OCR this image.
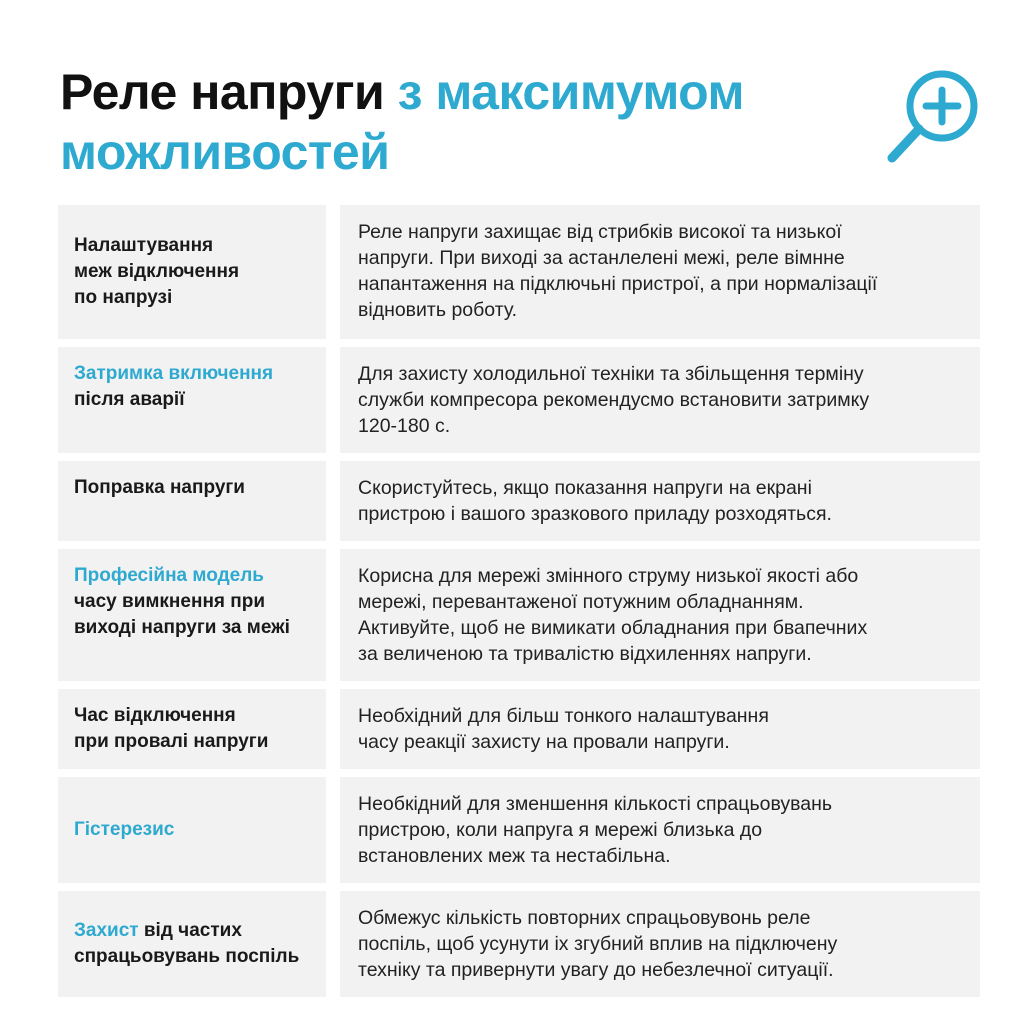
Реле напруги з максимумом
можливостей
Налаштування
меж відключення
по напрузі
Реле напруги захищає від стрибків високої та низької
напруги. При виході за астанлелені межі, реле вімнне
напантаження на підключьні пристрої, а при нормалізації
відновить роботу.
Затримка включення
після аварії
Для захисту холодильної техніки та збільщення терміну
служби компресора рекомендусмо встановити затримку
120-180 с.
Поправка напруги	Скористуйтесь, якщо показання напруги на екрані
пристрою і вашого зразкового приладу розходяться.
Професійна модель
часу вимкнення при
виході напруги за межі
Корисна для мережі змінного струму низької якості або
мережі, перевантаженої потужним обладнанням.
Активуйте, щоб не вимикати обладнания при бвапечних
за величеною та тривалістю відхиленнях напруги.
Час відключення
при провалі напруги
Необхідний для більш тонкого налаштування
часу реакції захисту на провали напруги.
Гістерезис
Необкідний для зменшення кількості спрацьовувань
пристрою, коли напруга я мережі близька до
встановлених меж та нестабільна.
Захист від частих
спрацьовувань поспіль
Обмежус кількість повторних спрацьовувонь реле
поспіль, щоб усунути іх згубний вплив на підключену
техніку та привернути увагу до небезлечної ситуації.
